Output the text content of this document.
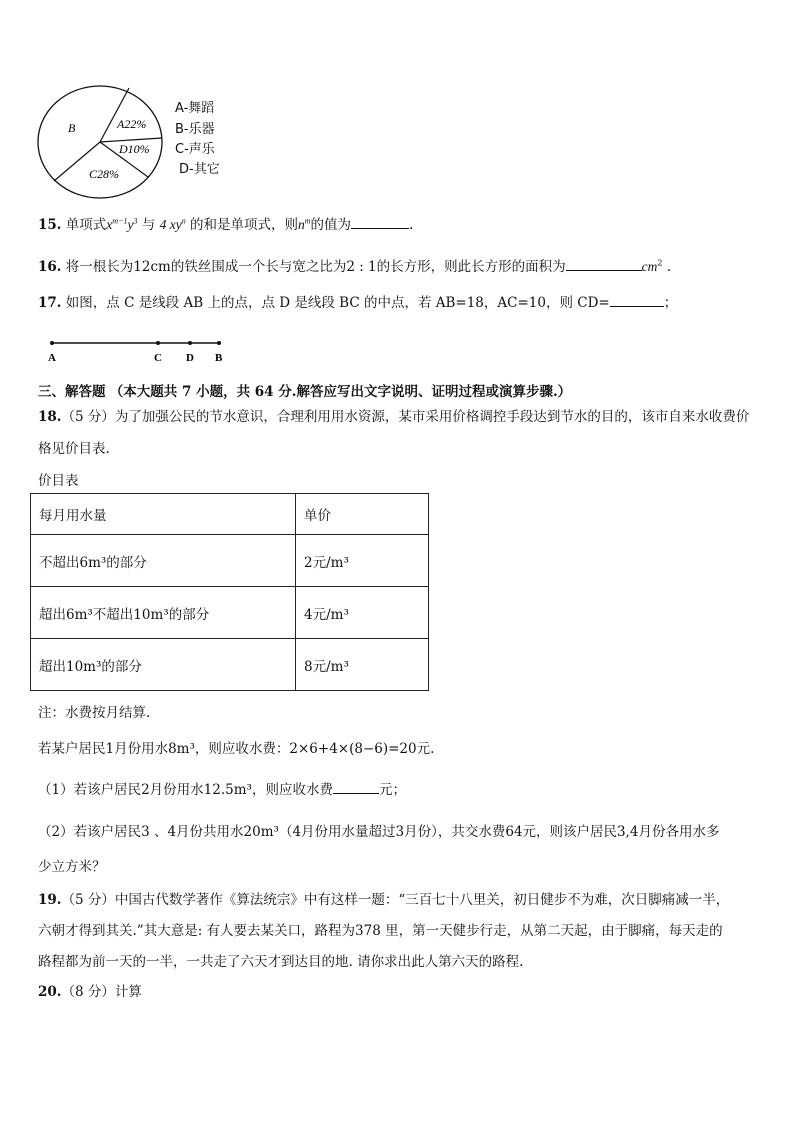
B	A22%
D10%
C28%
A-舞蹈
B-乐器
C-声乐
D-其它
15. 单项式$x^{m-1}y^3$ 与 4 $xy^n$ 的和是单项式，则$n^m$的值为	.
16. 将一根长为12cm的铁丝围成一个长与宽之比为2 : 1的长方形，则此长方形的面积为	$cm^2$ .
17. 如图，点 C 是线段 AB 上的点，点 D 是线段 BC 的中点，若 AB=18，AC=10，则 CD=	；
A	C D B
三、解答题 （本大题共 7 小题，共 64 分.解答应写出文字说明、证明过程或演算步骤.）
18.（5 分）为了加强公民的节水意识，合理利用用水资源，某市采用价格调控手段达到节水的目的，该市自来水收费价
格见价目表.
价目表
每月用水量	单价
不超出6m³的部分	2元/m³
超出6m³不超出10m³的部分	4元/m³
超出10m³的部分	8元/m³
注：水费按月结算.
若某户居民1月份用水8m³，则应收水费：2×6+4×(8−6)=20元.
（1）若该户居民2月份用水12.5m³，则应收水费	元；
（2）若该户居民3 、4月份共用水20m³（4月份用水量超过3月份），共交水费64元，则该户居民3,4月份各用水多
少立方米？
19.（5 分）中国古代数学著作《算法统宗》中有这样一题：“三百七十八里关，初日健步不为难，次日脚痛减一半，
六朝才得到其关.”其大意是: 有人要去某关口，路程为378 里，第一天健步行走，从第二天起，由于脚痛，每天走的
路程都为前一天的一半，一共走了六天才到达目的地. 请你求出此人第六天的路程.
20.（8 分）计算
